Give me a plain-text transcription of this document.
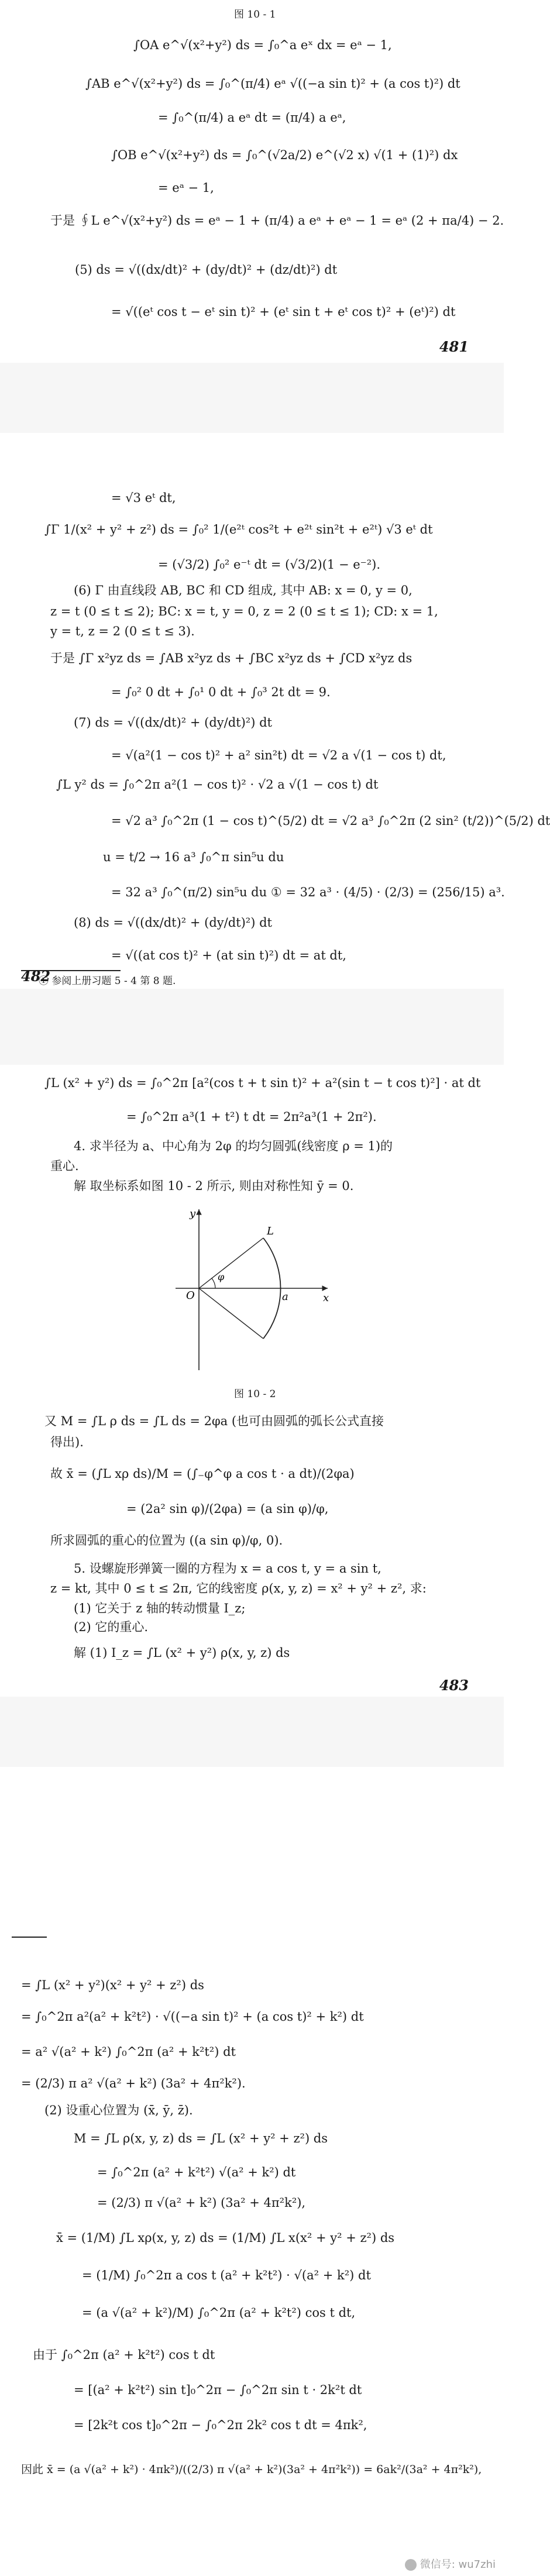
图 10 - 1
∫OA e^√(x²+y²) ds = ∫₀^a eˣ dx = eᵃ − 1,
∫AB e^√(x²+y²) ds = ∫₀^(π/4) eᵃ √((−a sin t)² + (a cos t)²) dt
= ∫₀^(π/4) a eᵃ dt = (π/4) a eᵃ,
∫OB e^√(x²+y²) ds = ∫₀^(√2a/2) e^(√2 x) √(1 + (1)²) dx
= eᵃ − 1,
于是 ∮L e^√(x²+y²) ds = eᵃ − 1 + (π/4) a eᵃ + eᵃ − 1 = eᵃ (2 + πa/4) − 2.
(5) ds = √((dx/dt)² + (dy/dt)² + (dz/dt)²) dt
= √((eᵗ cos t − eᵗ sin t)² + (eᵗ sin t + eᵗ cos t)² + (eᵗ)²) dt
481
= √3 eᵗ dt,
∫Γ 1/(x² + y² + z²) ds = ∫₀² 1/(e²ᵗ cos²t + e²ᵗ sin²t + e²ᵗ) √3 eᵗ dt
= (√3/2) ∫₀² e⁻ᵗ dt = (√3/2)(1 − e⁻²).
(6) Γ 由直线段 AB, BC 和 CD 组成, 其中 AB: x = 0, y = 0,
z = t (0 ≤ t ≤ 2); BC: x = t, y = 0, z = 2 (0 ≤ t ≤ 1); CD: x = 1,
y = t, z = 2 (0 ≤ t ≤ 3).
于是 ∫Γ x²yz ds = ∫AB x²yz ds + ∫BC x²yz ds + ∫CD x²yz ds
= ∫₀² 0 dt + ∫₀¹ 0 dt + ∫₀³ 2t dt = 9.
(7) ds = √((dx/dt)² + (dy/dt)²) dt
= √(a²(1 − cos t)² + a² sin²t) dt = √2 a √(1 − cos t) dt,
∫L y² ds = ∫₀^2π a²(1 − cos t)² · √2 a √(1 − cos t) dt
= √2 a³ ∫₀^2π (1 − cos t)^(5/2) dt = √2 a³ ∫₀^2π (2 sin² (t/2))^(5/2) dt
u = t/2 → 16 a³ ∫₀^π sin⁵u du
= 32 a³ ∫₀^(π/2) sin⁵u du ① = 32 a³ · (4/5) · (2/3) = (256/15) a³.
(8) ds = √((dx/dt)² + (dy/dt)²) dt
= √((at cos t)² + (at sin t)²) dt = at dt,
① 参阅上册习题 5 - 4 第 8 题.
482
∫L (x² + y²) ds = ∫₀^2π [a²(cos t + t sin t)² + a²(sin t − t cos t)²] · at dt
= ∫₀^2π a³(1 + t²) t dt = 2π²a³(1 + 2π²).
4. 求半径为 a、中心角为 2φ 的均匀圆弧(线密度 ρ = 1)的
重心.
解 取坐标系如图 10 - 2 所示, 则由对称性知 ȳ = 0.
y
x
O
L
a
φ
图 10 - 2
又 M = ∫L ρ ds = ∫L ds = 2φa (也可由圆弧的弧长公式直接
得出).
故 x̄ = (∫L xρ ds)/M = (∫₋φ^φ a cos t · a dt)/(2φa)
= (2a² sin φ)/(2φa) = (a sin φ)/φ,
所求圆弧的重心的位置为 ((a sin φ)/φ, 0).
5. 设螺旋形弹簧一圈的方程为 x = a cos t, y = a sin t,
z = kt, 其中 0 ≤ t ≤ 2π, 它的线密度 ρ(x, y, z) = x² + y² + z², 求:
(1) 它关于 z 轴的转动惯量 I_z;
(2) 它的重心.
解 (1) I_z = ∫L (x² + y²) ρ(x, y, z) ds
483
= ∫L (x² + y²)(x² + y² + z²) ds
= ∫₀^2π a²(a² + k²t²) · √((−a sin t)² + (a cos t)² + k²) dt
= a² √(a² + k²) ∫₀^2π (a² + k²t²) dt
= (2/3) π a² √(a² + k²) (3a² + 4π²k²).
(2) 设重心位置为 (x̄, ȳ, z̄).
M = ∫L ρ(x, y, z) ds = ∫L (x² + y² + z²) ds
= ∫₀^2π (a² + k²t²) √(a² + k²) dt
= (2/3) π √(a² + k²) (3a² + 4π²k²),
x̄ = (1/M) ∫L xρ(x, y, z) ds = (1/M) ∫L x(x² + y² + z²) ds
= (1/M) ∫₀^2π a cos t (a² + k²t²) · √(a² + k²) dt
= (a √(a² + k²)/M) ∫₀^2π (a² + k²t²) cos t dt,
由于 ∫₀^2π (a² + k²t²) cos t dt
= [(a² + k²t²) sin t]₀^2π − ∫₀^2π sin t · 2k²t dt
= [2k²t cos t]₀^2π − ∫₀^2π 2k² cos t dt = 4πk²,
因此 x̄ = (a √(a² + k²) · 4πk²)/((2/3) π √(a² + k²)(3a² + 4π²k²)) = 6ak²/(3a² + 4π²k²),
微信号: wu7zhi
